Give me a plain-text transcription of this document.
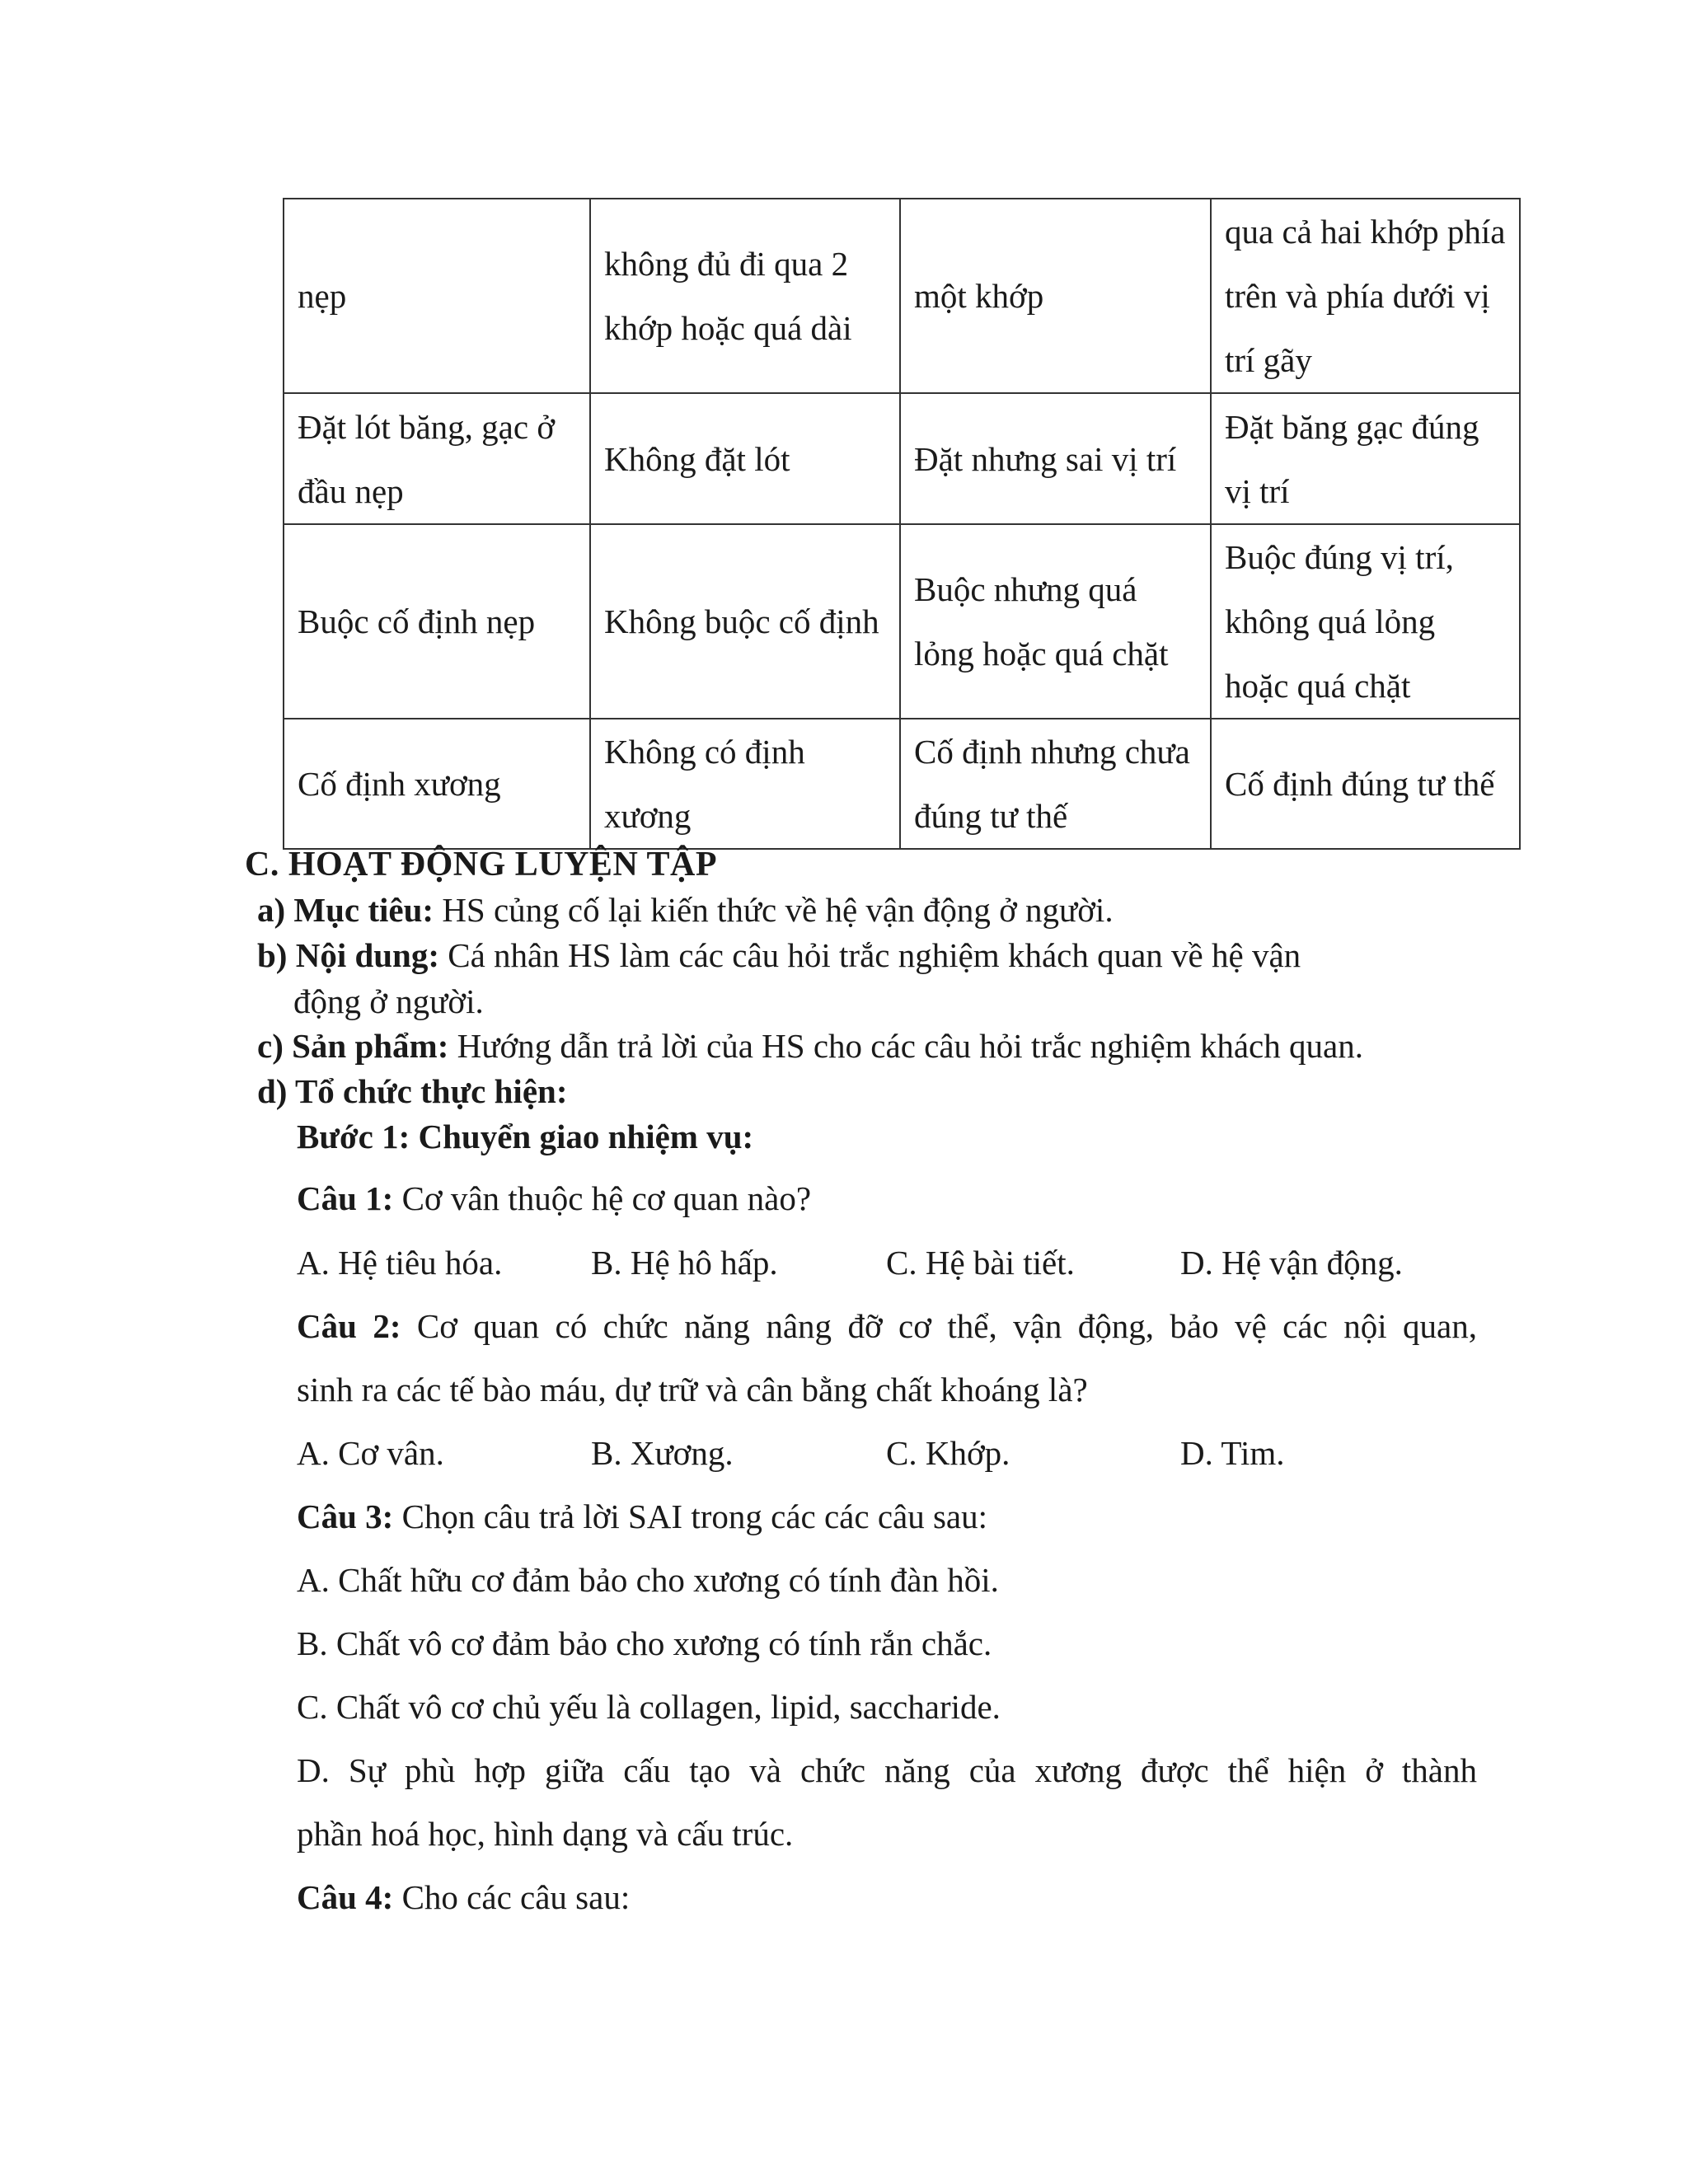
nẹp	không đủ đi qua 2 khớp hoặc quá dài	một khớp	qua cả hai khớp phía trên và phía dưới vị trí gãy
Đặt lót băng, gạc ở đầu nẹp	Không đặt lót	Đặt nhưng sai vị trí	Đặt băng gạc đúng vị trí
Buộc cố định nẹp	Không buộc cố định	Buộc nhưng quá lỏng hoặc quá chặt	Buộc đúng vị trí, không quá lỏng hoặc quá chặt
Cố định xương	Không có định xương	Cố định nhưng chưa đúng tư thế	Cố định đúng tư thế
C. HOẠT ĐỘNG LUYỆN TẬP
a) Mục tiêu: HS củng cố lại kiến thức về hệ vận động ở người.
b) Nội dung: Cá nhân HS làm các câu hỏi trắc nghiệm khách quan về hệ vận
động ở người.
c) Sản phẩm: Hướng dẫn trả lời của HS cho các câu hỏi trắc nghiệm khách quan.
d) Tổ chức thực hiện:
Bước 1: Chuyển giao nhiệm vụ:
Câu 1: Cơ vân thuộc hệ cơ quan nào?
A. Hệ tiêu hóa.	B. Hệ hô hấp.	C. Hệ bài tiết.	D. Hệ vận động.
Câu 2: Cơ quan có chức năng nâng đỡ cơ thể, vận động, bảo vệ các nội quan,
sinh ra các tế bào máu, dự trữ và cân bằng chất khoáng là?
A. Cơ vân.	B. Xương.	C. Khớp.	D. Tim.
Câu 3: Chọn câu trả lời SAI trong các các câu sau:
A. Chất hữu cơ đảm bảo cho xương có tính đàn hồi.
B. Chất vô cơ đảm bảo cho xương có tính rắn chắc.
C. Chất vô cơ chủ yếu là collagen, lipid, saccharide.
D. Sự phù hợp giữa cấu tạo và chức năng của xương được thể hiện ở thành
phần hoá học, hình dạng và cấu trúc.
Câu 4: Cho các câu sau:
